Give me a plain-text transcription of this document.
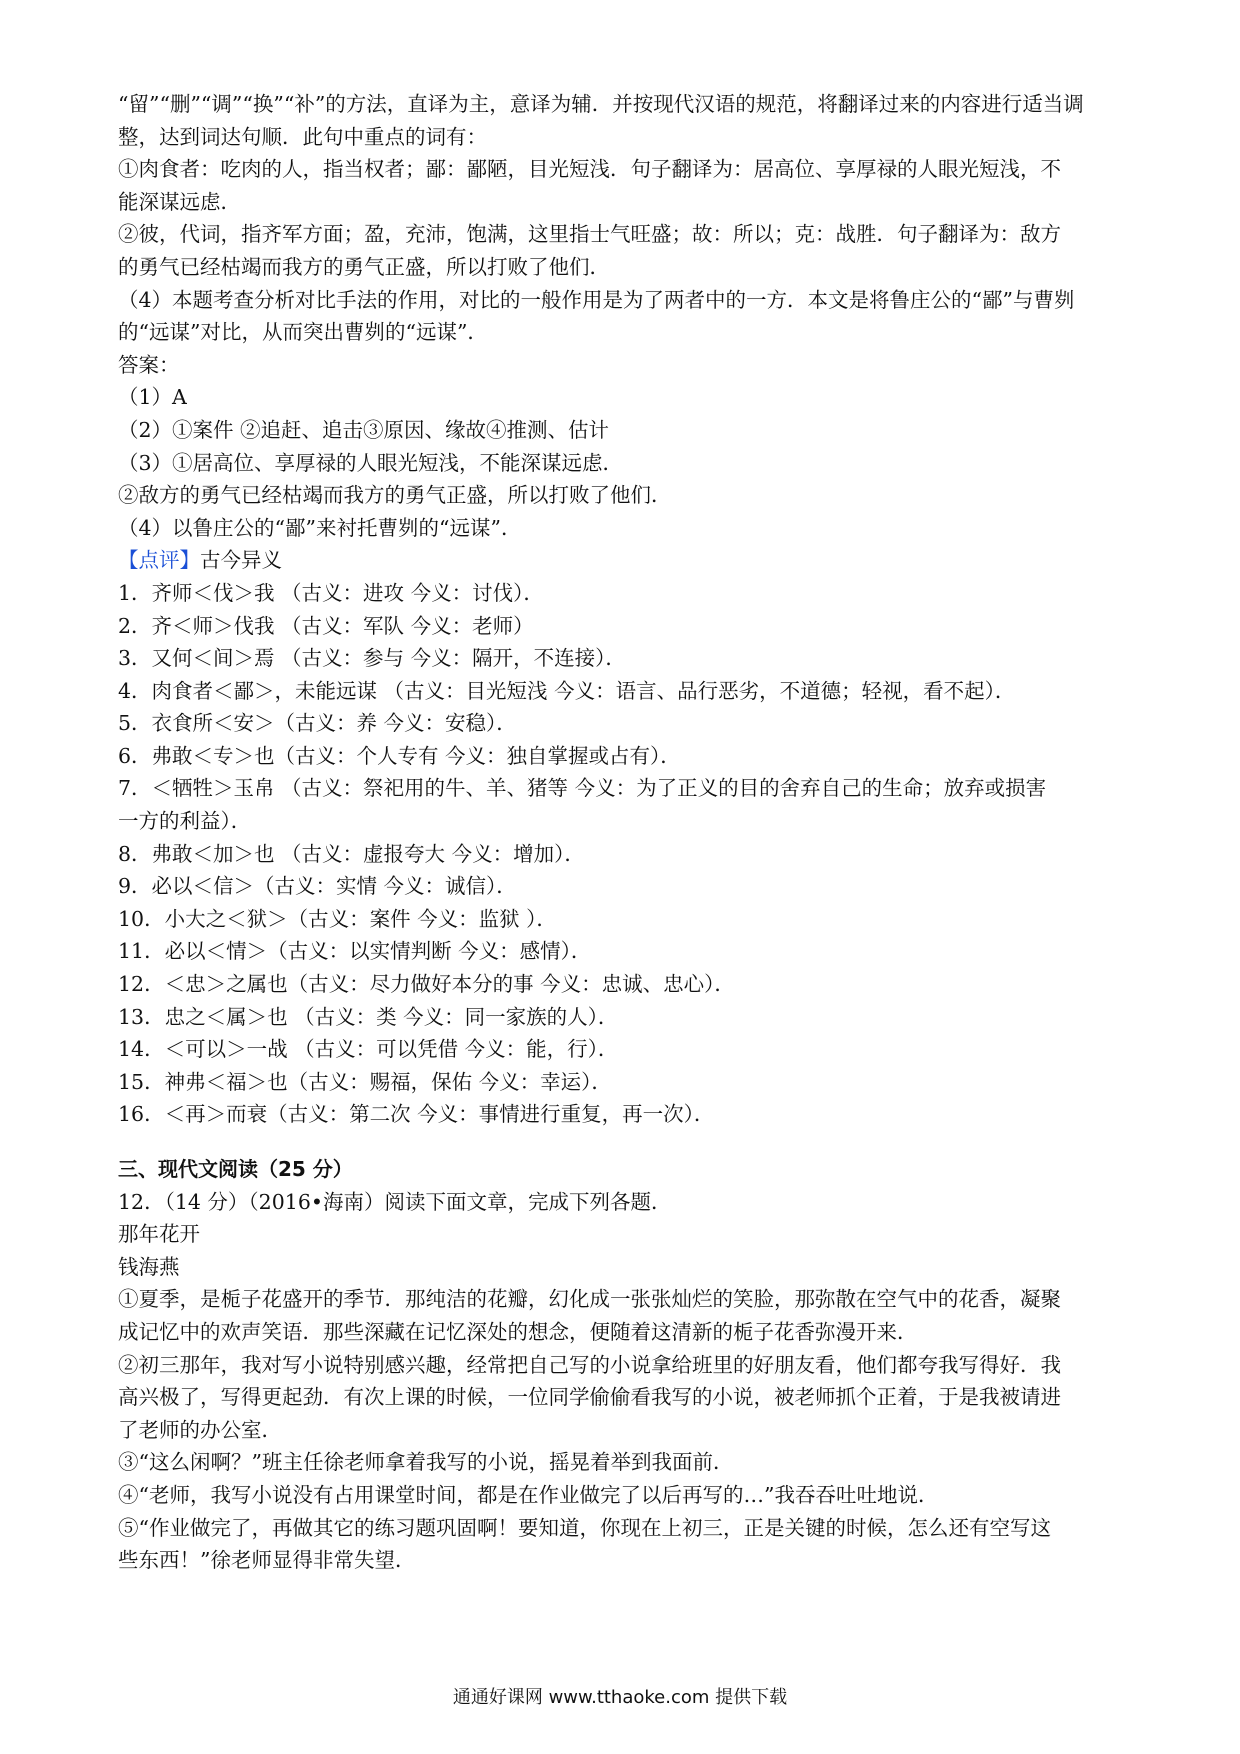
“留”“删”“调”“换”“补”的方法，直译为主，意译为辅．并按现代汉语的规范，将翻译过来的内容进行适当调
整，达到词达句顺．此句中重点的词有：
①肉食者：吃肉的人，指当权者；鄙：鄙陋，目光短浅．句子翻译为：居高位、享厚禄的人眼光短浅，不
能深谋远虑．
②彼，代词，指齐军方面；盈，充沛，饱满，这里指士气旺盛；故：所以；克：战胜．句子翻译为：敌方
的勇气已经枯竭而我方的勇气正盛，所以打败了他们．
（4）本题考查分析对比手法的作用，对比的一般作用是为了两者中的一方．本文是将鲁庄公的“鄙”与曹刿
的“远谋”对比，从而突出曹刿的“远谋”．
答案：
（1）A
（2）①案件 ②追赶、追击③原因、缘故④推测、估计
（3）①居高位、享厚禄的人眼光短浅，不能深谋远虑．
②敌方的勇气已经枯竭而我方的勇气正盛，所以打败了他们．
（4）以鲁庄公的“鄙”来衬托曹刿的“远谋”．
【点评】古今异义
1．齐师＜伐＞我 （古义：进攻 今义：讨伐）．
2．齐＜师＞伐我 （古义：军队 今义：老师）
3．又何＜间＞焉 （古义：参与 今义：隔开，不连接）．
4．肉食者＜鄙＞，未能远谋 （古义：目光短浅 今义：语言、品行恶劣，不道德；轻视，看不起）．
5．衣食所＜安＞（古义：养 今义：安稳）．
6．弗敢＜专＞也（古义：个人专有 今义：独自掌握或占有）．
7．＜牺牲＞玉帛 （古义：祭祀用的牛、羊、猪等 今义：为了正义的目的舍弃自己的生命；放弃或损害
一方的利益）．
8．弗敢＜加＞也 （古义：虚报夸大 今义：增加）．
9．必以＜信＞（古义：实情 今义：诚信）．
10．小大之＜狱＞（古义：案件 今义：监狱 ）．
11．必以＜情＞（古义：以实情判断 今义：感情）．
12．＜忠＞之属也（古义：尽力做好本分的事 今义：忠诚、忠心）．
13．忠之＜属＞也 （古义：类 今义：同一家族的人）．
14．＜可以＞一战 （古义：可以凭借 今义：能，行）．
15．神弗＜福＞也（古义：赐福，保佑 今义：幸运）．
16．＜再＞而衰（古义：第二次 今义：事情进行重复，再一次）．
三、现代文阅读（25 分）
12．（14 分）（2016•海南）阅读下面文章，完成下列各题．
那年花开
钱海燕
①夏季，是栀子花盛开的季节．那纯洁的花瓣，幻化成一张张灿烂的笑脸，那弥散在空气中的花香，凝聚
成记忆中的欢声笑语．那些深藏在记忆深处的想念，便随着这清新的栀子花香弥漫开来．
②初三那年，我对写小说特别感兴趣，经常把自己写的小说拿给班里的好朋友看，他们都夸我写得好．我
高兴极了，写得更起劲．有次上课的时候，一位同学偷偷看我写的小说，被老师抓个正着，于是我被请进
了老师的办公室．
③“这么闲啊？”班主任徐老师拿着我写的小说，摇晃着举到我面前．
④“老师，我写小说没有占用课堂时间，都是在作业做完了以后再写的…”我吞吞吐吐地说．
⑤“作业做完了，再做其它的练习题巩固啊！要知道，你现在上初三，正是关键的时候，怎么还有空写这
些东西！”徐老师显得非常失望．
通通好课网 www.tthaoke.com 提供下载
